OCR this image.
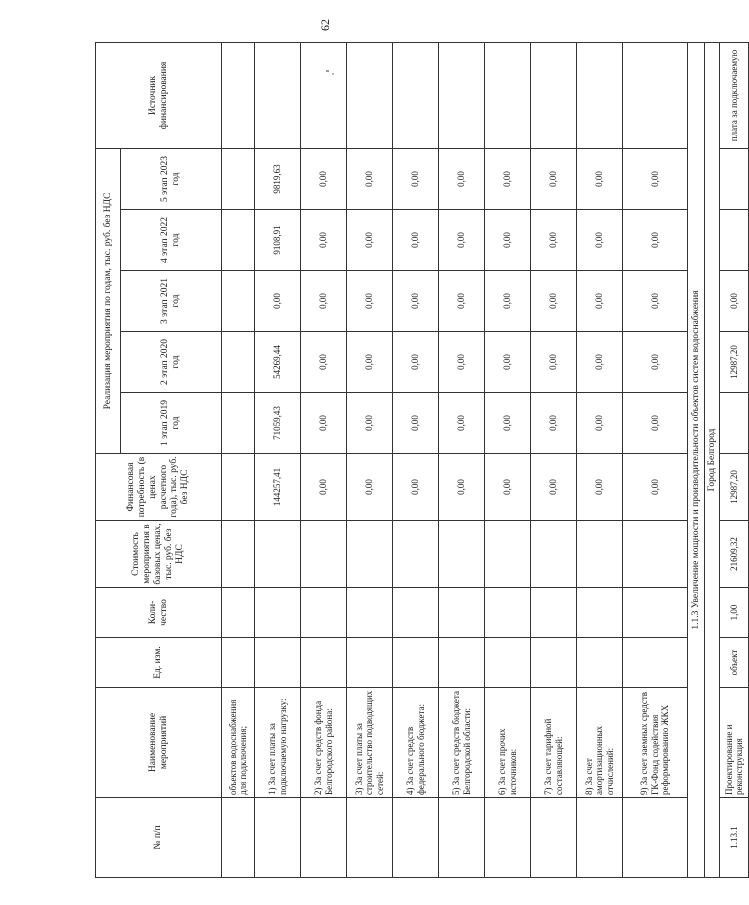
62
№ п/п	Наименование мероприятий	Ед. изм.	Коли-чество	Стоимость мероприятия в базовых ценах, тыс. руб. без НДС	Финансовая потребность (в ценах расчетного года), тыс. руб. без НДС	Реализация мероприятия по годам, тыс. руб. без НДС					Источник финансирования
						1 этап 2019 год	2 этап 2020 год	3 этап 2021 год	4 этап 2022 год	5 этап 2023 год	
	объектов водоснабжения для подключения;										
	1) За счет платы за подключаемую нагрузку:				144257,41	71059,43	54269,44	0,00	9108,91	9819,63	
	2) За счет средств фонда Белгородского района:				0,00	0,00	0,00	0,00	0,00	0,00	
	3) За счет платы за строительство подводящих сетей:				0,00	0,00	0,00	0,00	0,00	0,00	
	4) За счет средств федерального бюджета:				0,00	0,00	0,00	0,00	0,00	0,00	
	5) За счет средств бюджета Белгородской области:				0,00	0,00	0,00	0,00	0,00	0,00	
	6) За счет прочих источников:				0,00	0,00	0,00	0,00	0,00	0,00	
	7) За счет тарифной составляющей:				0,00	0,00	0,00	0,00	0,00	0,00	
	8) За счет амортизационных отчислений:				0,00	0,00	0,00	0,00	0,00	0,00	
	9) За счет заемных средств ГК-Фонд содействия реформированию ЖКХ				0,00	0,00	0,00	0,00	0,00	0,00	
1.1.3 Увеличение мощности и производительности объектов систем водоснабжения											
Город Белгород											
1.13.1	Проектирование и реконструкция	объект	1,00	21609,32	12987,20		12987,20	0,00			плата за подключаемую
